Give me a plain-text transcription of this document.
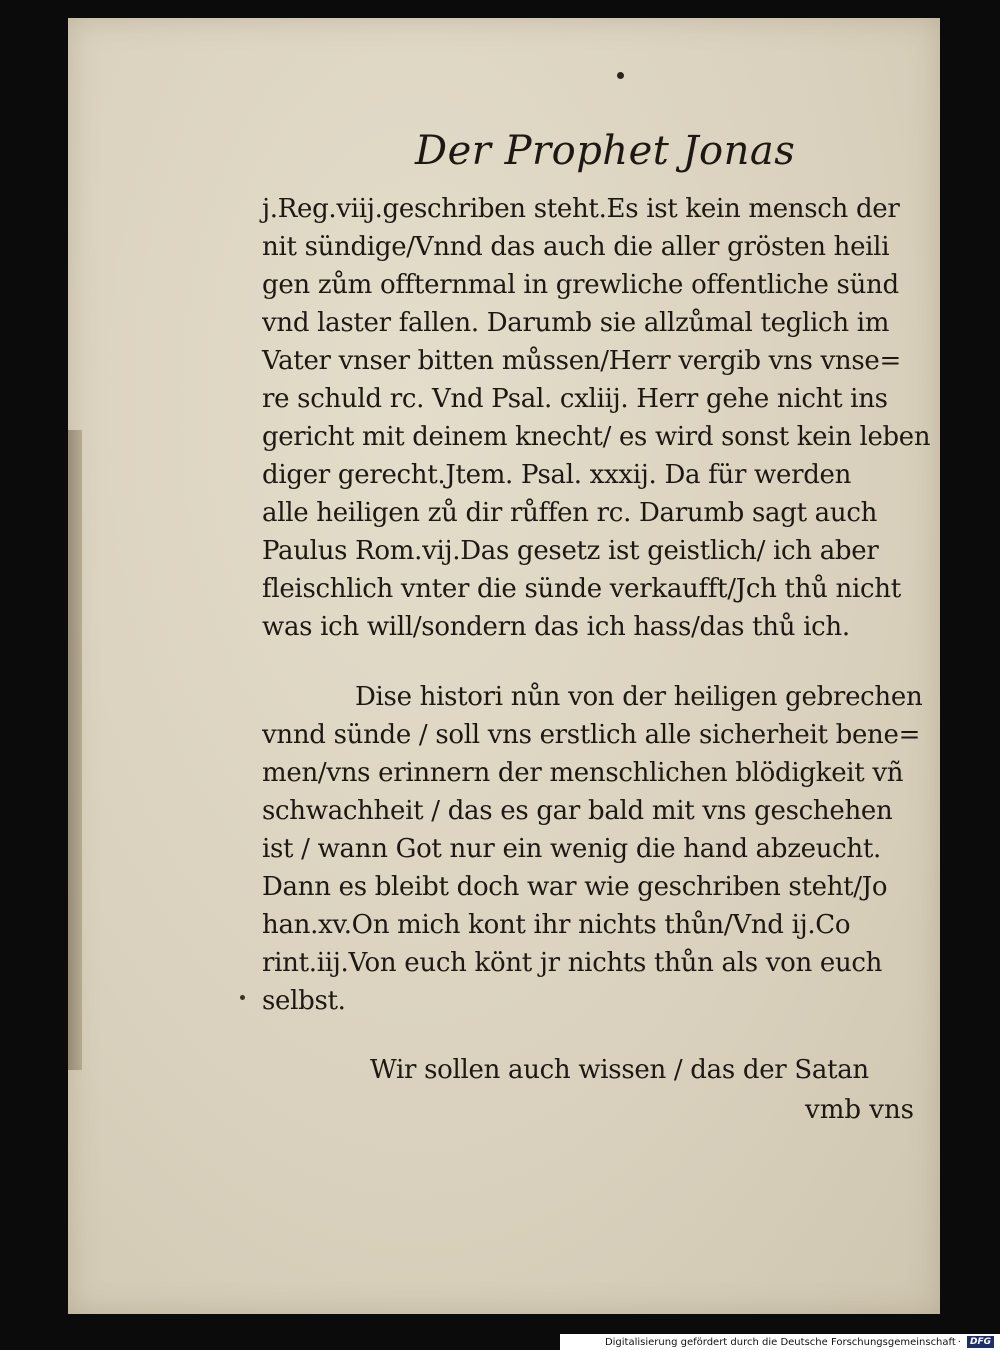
Der Prophet Jonas
j.Reg.viij.geschriben steht.Es ist kein mensch der
nit sündige/Vnnd das auch die aller grösten heili
gen zům offternmal in grewliche offentliche sünd
vnd laster fallen. Darumb sie allzůmal teglich im
Vater vnser bitten můssen/Herr vergib vns vnse=
re schuld rc. Vnd Psal. cxliij. Herr gehe nicht ins
gericht mit deinem knecht/ es wird sonst kein leben
diger gerecht.Jtem. Psal. xxxij. Da für werden
alle heiligen zů dir růffen rc. Darumb sagt auch
Paulus Rom.vij.Das gesetz ist geistlich/ ich aber
fleischlich vnter die sünde verkaufft/Jch thů nicht
was ich will/sondern das ich hass/das thů ich.
Dise histori nůn von der heiligen gebrechen
vnnd sünde / soll vns erstlich alle sicherheit bene=
men/vns erinnern der menschlichen blödigkeit vñ
schwachheit / das es gar bald mit vns geschehen
ist / wann Got nur ein wenig die hand abzeucht.
Dann es bleibt doch war wie geschriben steht/Jo
han.xv.On mich kont ihr nichts thůn/Vnd ij.Co
rint.iij.Von euch könt jr nichts thůn als von euch
selbst.
Wir sollen auch wissen / das der Satan
vmb vns
Digitalisierung gefördert durch die Deutsche Forschungsgemeinschaft ·	DFG
